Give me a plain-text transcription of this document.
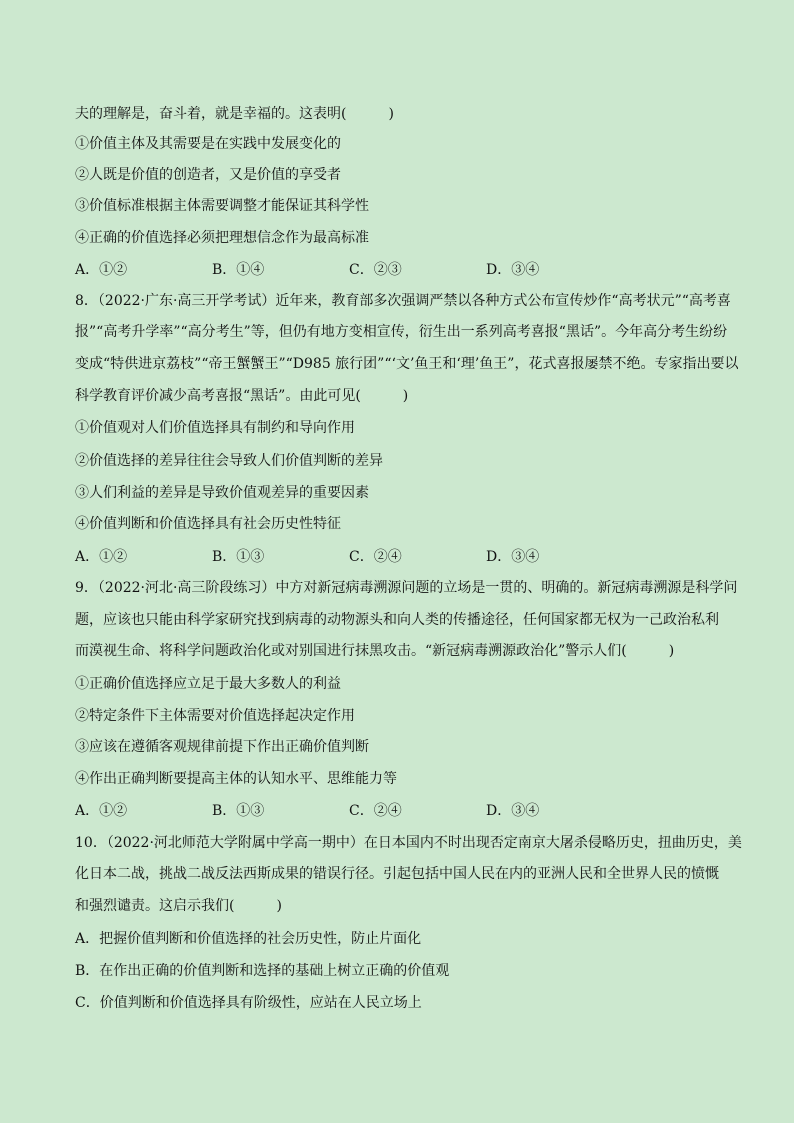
夫的理解是，奋斗着，就是幸福的。这表明(　　　)
①价值主体及其需要是在实践中发展变化的
②人既是价值的创造者，又是价值的享受者
③价值标准根据主体需要调整才能保证其科学性
④正确的价值选择必须把理想信念作为最高标准
A．①②	B．①④	C．②③	D．③④
8．（2022·广东·高三开学考试）近年来，教育部多次强调严禁以各种方式公布宣传炒作“高考状元”“高考喜
报”“高考升学率”“高分考生”等，但仍有地方变相宣传，衍生出一系列高考喜报“黑话”。今年高分考生纷纷
变成“特供进京荔枝”“帝王蟹蟹王”“D985 旅行团”“‘文’鱼王和‘理’鱼王”，花式喜报屡禁不绝。专家指出要以
科学教育评价减少高考喜报“黑话”。由此可见(　　　)
①价值观对人们价值选择具有制约和导向作用
②价值选择的差异往往会导致人们价值判断的差异
③人们利益的差异是导致价值观差异的重要因素
④价值判断和价值选择具有社会历史性特征
A．①②	B．①③	C．②④	D．③④
9．（2022·河北·高三阶段练习）中方对新冠病毒溯源问题的立场是一贯的、明确的。新冠病毒溯源是科学问
题，应该也只能由科学家研究找到病毒的动物源头和向人类的传播途径，任何国家都无权为一己政治私利
而漠视生命、将科学问题政治化或对别国进行抹黑攻击。“新冠病毒溯源政治化”警示人们(　　　)
①正确价值选择应立足于最大多数人的利益
②特定条件下主体需要对价值选择起决定作用
③应该在遵循客观规律前提下作出正确价值判断
④作出正确判断要提高主体的认知水平、思维能力等
A．①②	B．①③	C．②④	D．③④
10．（2022·河北师范大学附属中学高一期中）在日本国内不时出现否定南京大屠杀侵略历史，扭曲历史，美
化日本二战，挑战二战反法西斯成果的错误行径。引起包括中国人民在内的亚洲人民和全世界人民的愤慨
和强烈谴责。这启示我们(　　　)
A．把握价值判断和价值选择的社会历史性，防止片面化
B．在作出正确的价值判断和选择的基础上树立正确的价值观
C．价值判断和价值选择具有阶级性，应站在人民立场上
